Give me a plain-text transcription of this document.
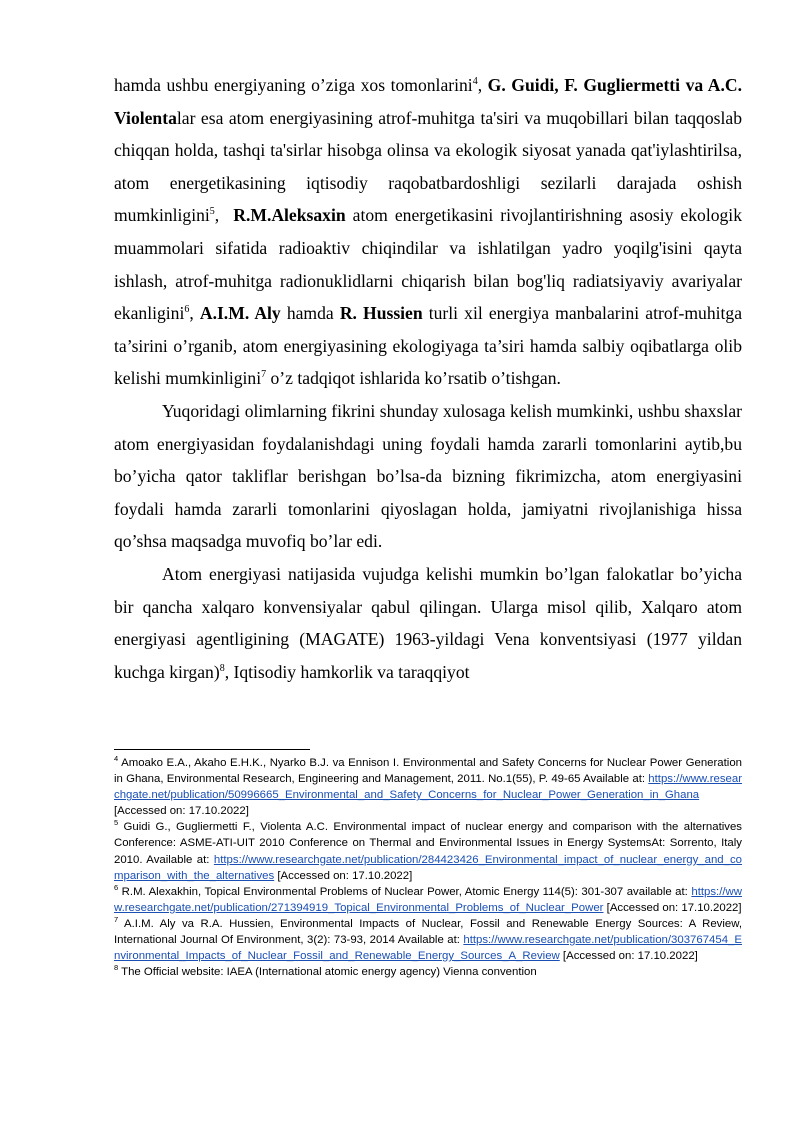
hamda ushbu energiyaning o’ziga xos tomonlarini$^4$, G. Guidi, F. Gugliermetti va A.C. Violentalar esa atom energiyasining atrof-muhitga ta'siri va muqobillari bilan taqqoslab chiqqan holda, tashqi ta'sirlar hisobga olinsa va ekologik siyosat yanada qat'iylashtirilsa, atom energetikasining iqtisodiy raqobatbardoshligi sezilarli darajada oshish mumkinligini$^5$,  R.M.Aleksaxin atom energetikasini rivojlantirishning asosiy ekologik muammolari sifatida radioaktiv chiqindilar va ishlatilgan yadro yoqilg'isini qayta ishlash, atrof-muhitga radionuklidlarni chiqarish bilan bog'liq radiatsiyaviy avariyalar ekanligini$^6$, A.I.M. Aly hamda R. Hussien turli xil energiya manbalarini atrof-muhitga ta’sirini o’rganib, atom energiyasining ekologiyaga ta’siri hamda salbiy oqibatlarga olib kelishi mumkinligini$^7$ o’z tadqiqot ishlarida ko’rsatib o’tishgan.

Yuqoridagi olimlarning fikrini shunday xulosaga kelish mumkinki, ushbu shaxslar atom energiyasidan foydalanishdagi uning foydali hamda zararli tomonlarini aytib,bu bo’yicha qator takliflar berishgan bo’lsa-da bizning fikrimizcha, atom energiyasini foydali hamda zararli tomonlarini qiyoslagan holda, jamiyatni rivojlanishiga hissa qo’shsa maqsadga muvofiq bo’lar edi.

Atom energiyasi natijasida vujudga kelishi mumkin bo’lgan falokatlar bo’yicha bir qancha xalqaro konvensiyalar qabul qilingan. Ularga misol qilib, Xalqaro atom energiyasi agentligining (MAGATE) 1963-yildagi Vena konventsiyasi (1977 yildan kuchga kirgan)$^8$, Iqtisodiy hamkorlik va taraqqiyot

$^4$ Amoako E.A., Akaho E.H.K., Nyarko B.J. va Ennison I. Environmental and Safety Concerns for Nuclear Power Generation in Ghana, Environmental Research, Engineering and Management, 2011. No.1(55), P. 49-65 Available at: https://www.researchgate.net/publication/50996665_Environmental_and_Safety_Concerns_for_Nuclear_Power_Generation_in_Ghana [Accessed on: 17.10.2022]

$^5$ Guidi G., Gugliermetti F., Violenta A.C. Environmental impact of nuclear energy and comparison with the alternatives Conference: ASME-ATI-UIT 2010 Conference on Thermal and Environmental Issues in Energy SystemsAt: Sorrento, Italy 2010. Available at: https://www.researchgate.net/publication/284423426_Environmental_impact_of_nuclear_energy_and_comparison_with_the_alternatives [Accessed on: 17.10.2022]

$^6$ R.M. Alexakhin, Topical Environmental Problems of Nuclear Power, Atomic Energy 114(5): 301-307 available at: https://www.researchgate.net/publication/271394919_Topical_Environmental_Problems_of_Nuclear_Power [Accessed on: 17.10.2022]

$^7$ A.I.M. Aly va R.A. Hussien, Environmental Impacts of Nuclear, Fossil and Renewable Energy Sources: A Review, International Journal Of Environment, 3(2): 73-93, 2014 Available at: https://www.researchgate.net/publication/303767454_Environmental_Impacts_of_Nuclear_Fossil_and_Renewable_Energy_Sources_A_Review [Accessed on: 17.10.2022]

$^8$ The Official website: IAEA (International atomic energy agency) Vienna convention
